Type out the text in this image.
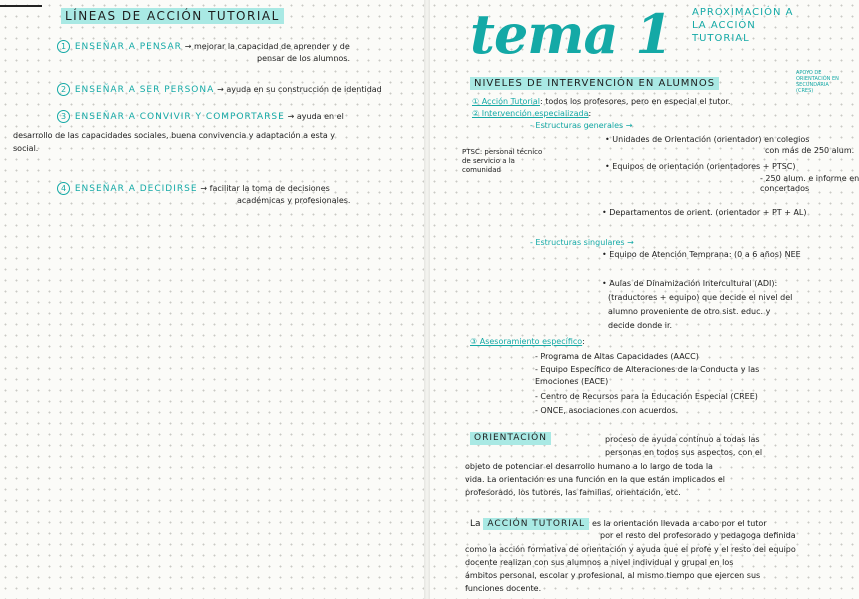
LÍNEAS DE ACCIÓN TUTORIAL
1 ENSEÑAR A PENSAR → mejorar la capacidad de aprender y de
pensar de los alumnos.
2 ENSEÑAR A SER PERSONA → ayuda en su construcción de identidad
3 ENSEÑAR A CONVIVIR Y COMPORTARSE → ayuda en el
desarrollo de las capacidades sociales, buena convivencia y adaptación a esta y social.
4 ENSEÑAR A DECIDIRSE → facilitar la toma de decisiones
académicas y profesionales.
tema 1 APROXIMACIÓN A
LA ACCIÓN
TUTORIAL
APOYO DE ORIENTACIÓN EN SECUNDARIA (CRES)
NIVELES DE INTERVENCIÓN EN ALUMNOS
① Acción Tutorial: todos los profesores, pero en especial el tutor.
② Intervención especializada:
- Estructuras generales →
• Unidades de Orientación (orientador) en colegios
con más de 250 alum.
• Equipos de orientación (orientadores + PTSC)
- 250 alum. e informe en
concertados
PTSC: personal técnico de servicio a la comunidad
• Departamentos de orient. (orientador + PT + AL)
- Estructuras singulares →
• Equipo de Atención Temprana: (0 a 6 años) NEE
• Aulas de Dinamización Intercultural (ADI):
(traductores + equipo) que decide el nivel del
alumno proveniente de otro sist. educ. y
decide donde ir.
③ Asesoramiento específico:
- Programa de Altas Capacidades (AACC)
- Equipo Específico de Alteraciones de la Conducta y las
Emociones (EACE)
- Centro de Recursos para la Educación Especial (CREE)
- ONCE, asociaciones con acuerdos.
ORIENTACIÓN	proceso de ayuda continuo a todas las
personas en todos sus aspectos, con el
objeto de potenciar el desarrollo humano a lo largo de toda la
vida. La orientación es una función en la que están implicados el
profesorado, los tutores, las familias, orientación, etc.
La ACCIÓN TUTORIAL es la orientación llevada a cabo por el tutor
por el resto del profesorado y pedagoga definida
como la acción formativa de orientación y ayuda que el profe y el resto del equipo
docente realizan con sus alumnos a nivel individual y grupal en los
ámbitos personal, escolar y profesional, al mismo tiempo que ejercen sus
funciones docente.
